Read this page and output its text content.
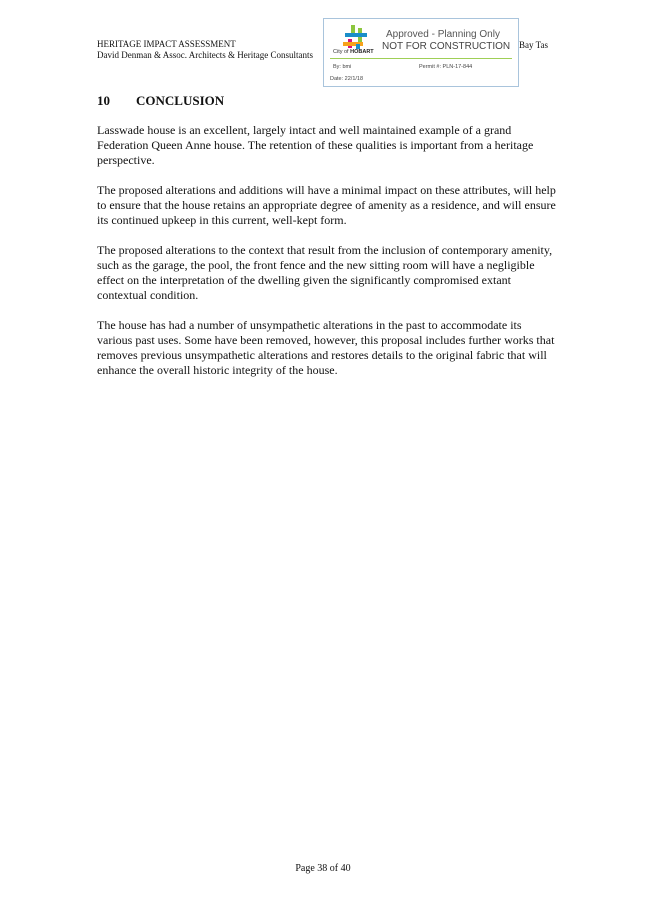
HERITAGE IMPACT ASSESSMENT
David Denman & Assoc. Architects & Heritage Consultants
Bay Tas
City of HOBART
Approved - Planning Only
NOT FOR CONSTRUCTION
By: bmi	Permit #: PLN-17-844
Date: 22/1/18
10 CONCLUSION

Lasswade house is an excellent, largely intact and well maintained example of a grand Federation Queen Anne house. The retention of these qualities is important from a heritage perspective.

The proposed alterations and additions will have a minimal impact on these attributes, will help to ensure that the house retains an appropriate degree of amenity as a residence, and will ensure its continued upkeep in this current, well-kept form.

The proposed alterations to the context that result from the inclusion of contemporary amenity, such as the garage, the pool, the front fence and the new sitting room will have a negligible effect on the interpretation of the dwelling given the significantly compromised extant contextual condition.

The house has had a number of unsympathetic alterations in the past to accommodate its various past uses. Some have been removed, however, this proposal includes further works that removes previous unsympathetic alterations and restores details to the original fabric that will enhance the overall historic integrity of the house.

Page 38 of 40
